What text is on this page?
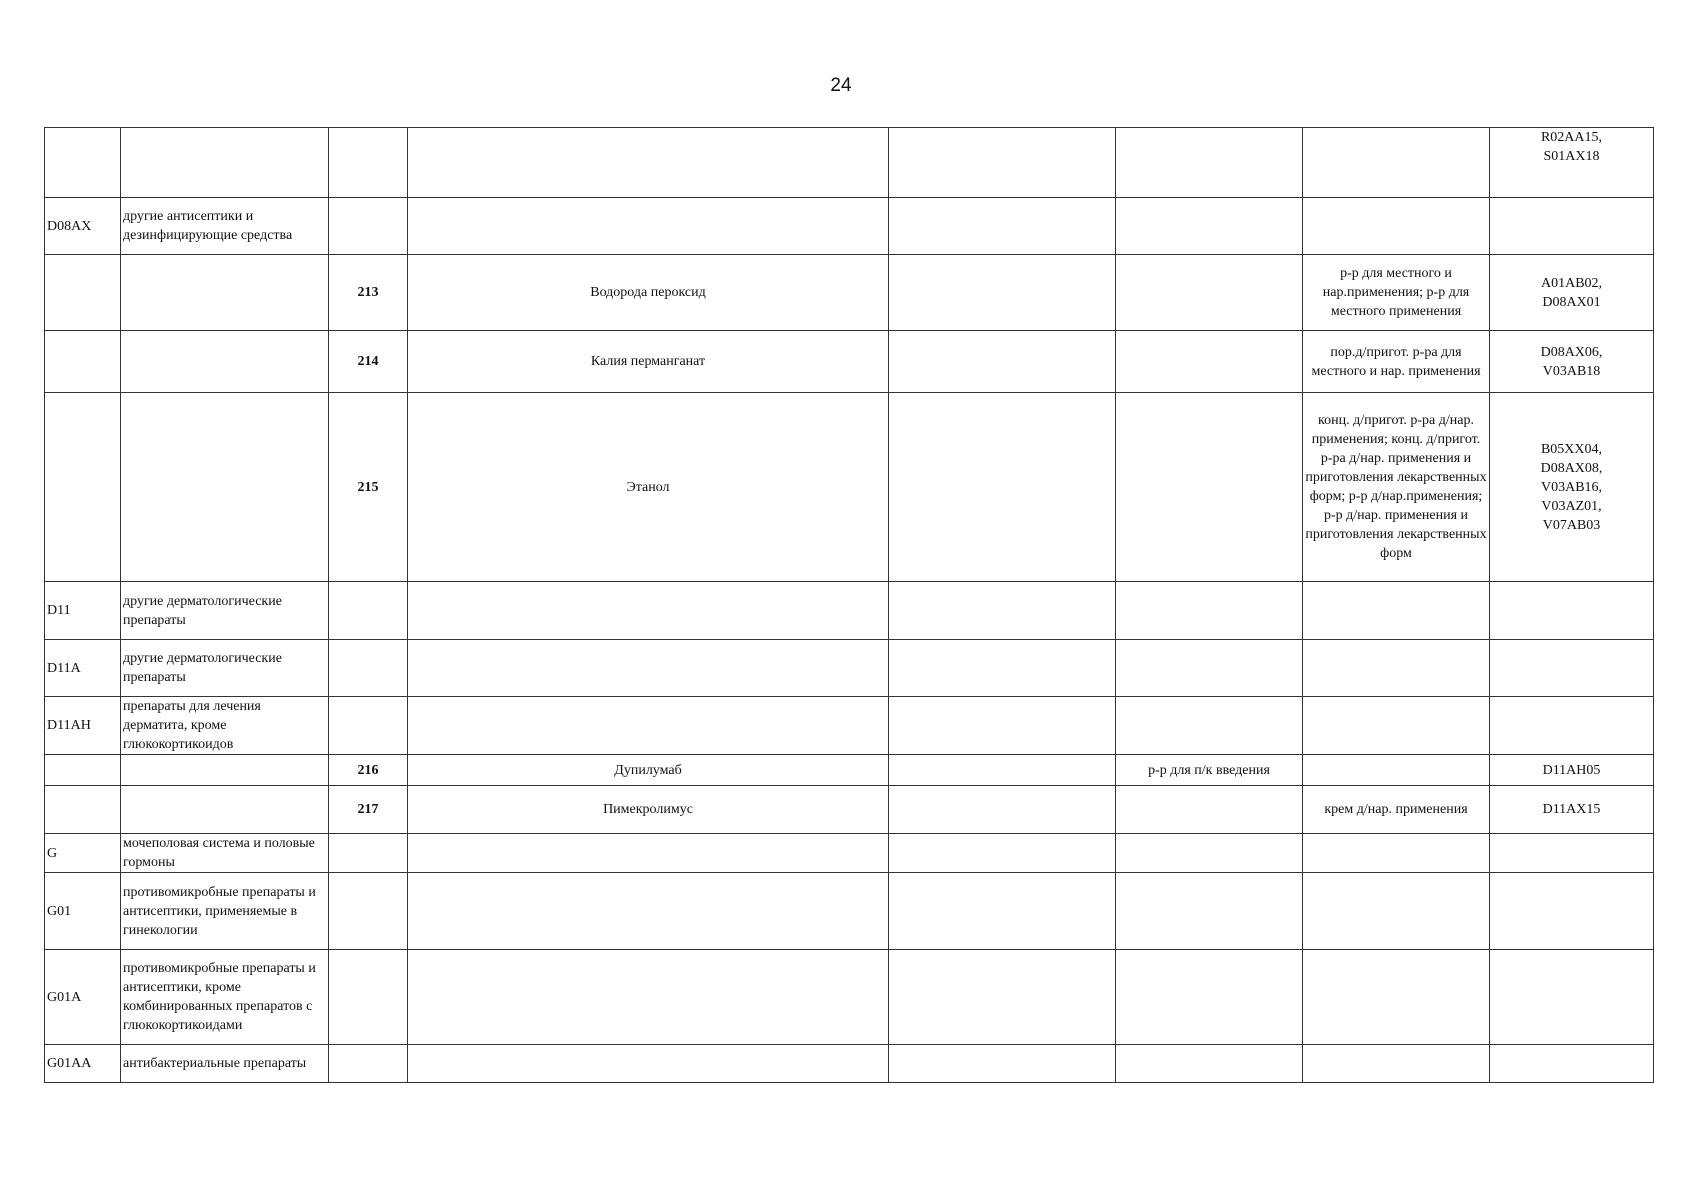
24
							R02AA15,
S01AX18
D08AX	другие антисептики и дезинфицирующие средства						
		213	Водорода пероксид			р-р для местного и нар.применения; р-р для местного применения	A01AB02,
D08AX01
		214	Калия перманганат			пор.д/пригот. р-ра для местного и нар. применения	D08AX06,
V03AB18
		215	Этанол			конц. д/пригот. р-ра д/нар. применения; конц. д/пригот. р-ра д/нар. применения и приготовления лекарственных форм; р-р д/нар.применения; р-р д/нар. применения и приготовления лекарственных форм	B05XX04,
D08AX08,
V03AB16,
V03AZ01,
V07AB03
D11	другие дерматологические препараты						
D11A	другие дерматологические препараты						
D11AH	препараты для лечения дерматита, кроме глюкокортикоидов						
		216	Дупилумаб		р-р для п/к введения		D11AH05
		217	Пимекролимус			крем д/нар. применения	D11AX15
G	мочеполовая система и половые гормоны						
G01	противомикробные препараты и антисептики, применяемые в гинекологии						
G01A	противомикробные препараты и антисептики, кроме комбинированных препаратов с глюкокортикоидами						
G01AA	антибактериальные препараты						
